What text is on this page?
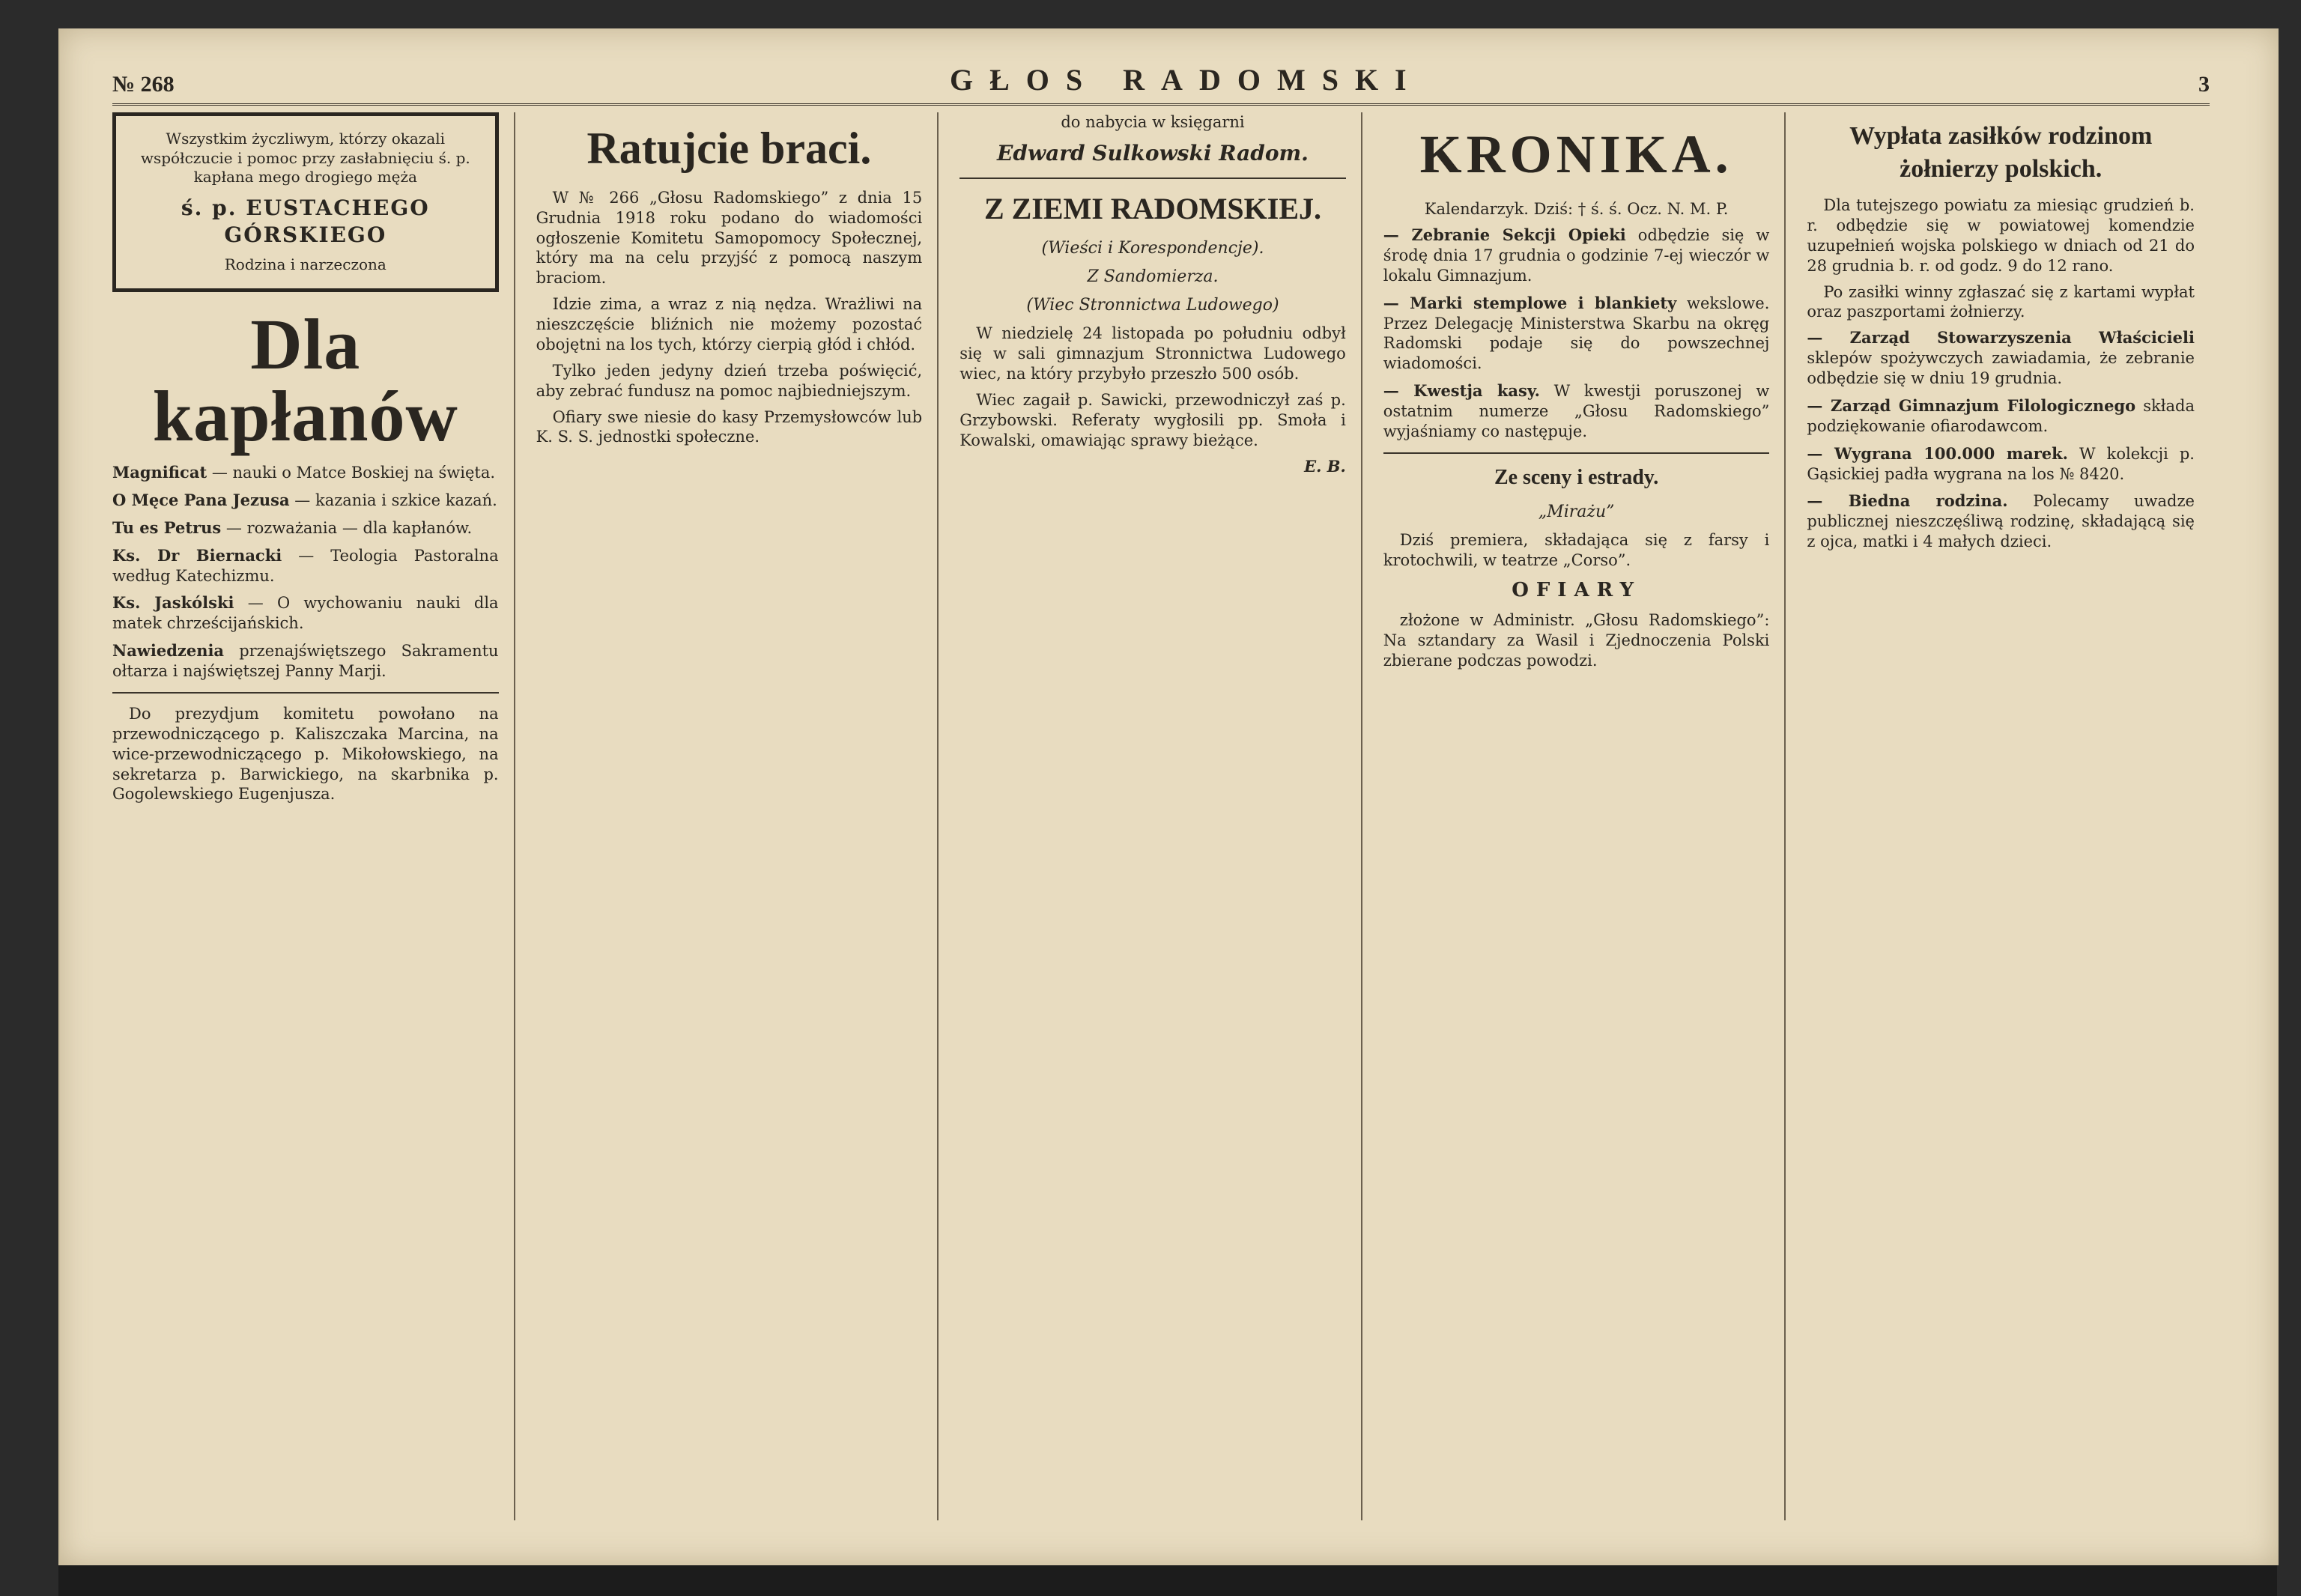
№ 268	GŁOS RADOMSKI	3
Wszystkim życzliwym, którzy okazali współczucie i pomoc przy zasłabnięciu ś. p. kapłana mego drogiego męża
ś. p. EUSTACHEGO GÓRSKIEGO
Rodzina i narzeczona
Dla kapłanów
Magnificat — nauki o Matce Boskiej na święta.
O Męce Pana Jezusa — kazania i szkice kazań.
Tu es Petrus — rozważania — dla kapłanów.
Ks. Dr Biernacki — Teologia Pastoralna według Katechizmu.
Ks. Jaskólski — O wychowaniu nauki dla matek chrześcijańskich.
Nawiedzenia przenajświętszego Sakramentu ołtarza i najświętszej Panny Marji.

Do prezydjum komitetu powołano na przewodniczącego p. Kaliszczaka Marcina, na wice-przewodniczącego p. Mikołowskiego, na sekretarza p. Barwickiego, na skarbnika p. Gogolewskiego Eugenjusza.

Ratujcie braci.

W № 266 „Głosu Radomskiego” z dnia 15 Grudnia 1918 roku podano do wiadomości ogłoszenie Komitetu Samopomocy Społecznej, który ma na celu przyjść z pomocą naszym braciom.

Idzie zima, a wraz z nią nędza. Wrażliwi na nieszczęście bliźnich nie możemy pozostać obojętni na los tych, którzy cierpią głód i chłód.

Tylko jeden jedyny dzień trzeba poświęcić, aby zebrać fundusz na pomoc najbiedniejszym.

Ofiary swe niesie do kasy Przemysłowców lub K. S. S. jednostki społeczne.

do nabycia w księgarni

Edward Sulkowski Radom.
Z ZIEMI RADOMSKIEJ.
(Wieści i Korespondencje).
Z Sandomierza.
(Wiec Stronnictwa Ludowego)

W niedzielę 24 listopada po południu odbył się w sali gimnazjum Stronnictwa Ludowego wiec, na który przybyło przeszło 500 osób.

Wiec zagaił p. Sawicki, przewodniczył zaś p. Grzybowski. Referaty wygłosili pp. Smoła i Kowalski, omawiając sprawy bieżące.

E. B.
KRONIKA.

Kalendarzyk. Dziś: † ś. ś. Ocz. N. M. P.

— Zebranie Sekcji Opieki odbędzie się w środę dnia 17 grudnia o godzinie 7-ej wieczór w lokalu Gimnazjum.
— Marki stemplowe i blankiety wekslowe. Przez Delegację Ministerstwa Skarbu na okręg Radomski podaje się do powszechnej wiadomości.
— Kwestja kasy. W kwestji poruszonej w ostatnim numerze „Głosu Radomskiego” wyjaśniamy co następuje.
Ze sceny i estrady.
„Mirażu”

Dziś premiera, składająca się z farsy i krotochwili, w teatrze „Corso”.

OFIARY

złożone w Administr. „Głosu Radomskiego”: Na sztandary za Wasil i Zjednoczenia Polski zbierane podczas powodzi.

Wypłata zasiłków rodzinom żołnierzy polskich.

Dla tutejszego powiatu za miesiąc grudzień b. r. odbędzie się w powiatowej komendzie uzupełnień wojska polskiego w dniach od 21 do 28 grudnia b. r. od godz. 9 do 12 rano.

Po zasiłki winny zgłaszać się z kartami wypłat oraz paszportami żołnierzy.

— Zarząd Stowarzyszenia Właścicieli sklepów spożywczych zawiadamia, że zebranie odbędzie się w dniu 19 grudnia.
— Zarząd Gimnazjum Filologicznego składa podziękowanie ofiarodawcom.
— Wygrana 100.000 marek. W kolekcji p. Gąsickiej padła wygrana na los № 8420.
— Biedna rodzina. Polecamy uwadze publicznej nieszczęśliwą rodzinę, składającą się z ojca, matki i 4 małych dzieci.
